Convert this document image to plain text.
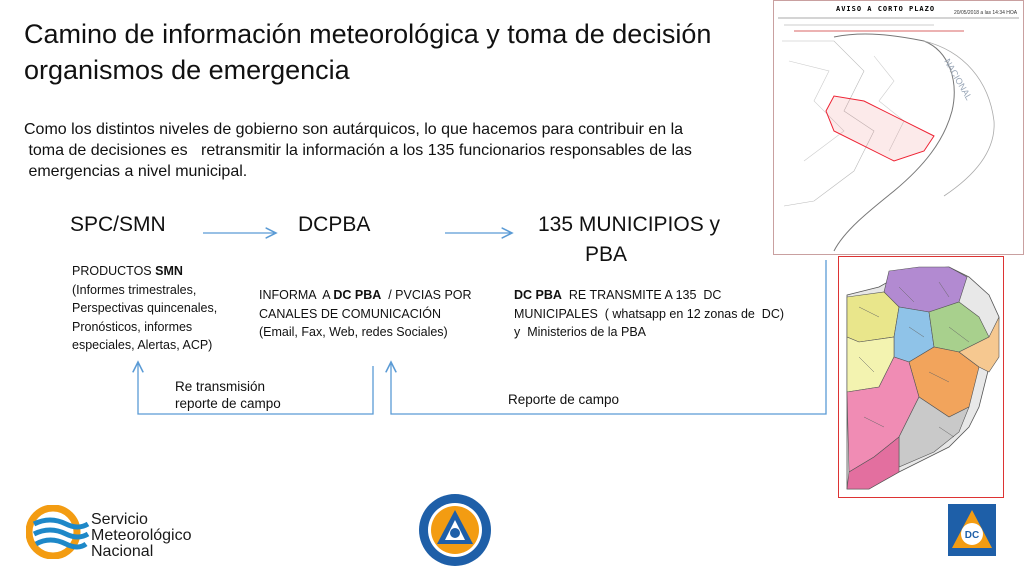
Camino de información meteorológica y toma de decisión organismos de emergencia
Como los distintos niveles de gobierno son autárquicos, lo que hacemos para contribuir en la
toma de decisiones es   retransmitir la información a los 135 funcionarios responsables de las
emergencias a nivel municipal.
SPC/SMN	DCPBA	135 MUNICIPIOS y
PBA
PRODUCTOS SMN
(Informes trimestrales,
Perspectivas quincenales,
Pronósticos, informes
especiales, Alertas, ACP)
INFORMA  A DC PBA  / PVCIAS POR
CANALES DE COMUNICACIÓN
(Email, Fax, Web, redes Sociales)
DC PBA  RE TRANSMITE A 135  DC
MUNICIPALES  ( whatsapp en 12 zonas de  DC)
y  Ministerios de la PBA
Re transmisión
reporte de campo	Reporte de campo
AVISO A CORTO PLAZO	20/05/2018 a las 14:34 HOA
NACIONAL
Servicio
Meteorológico
Nacional
DC
